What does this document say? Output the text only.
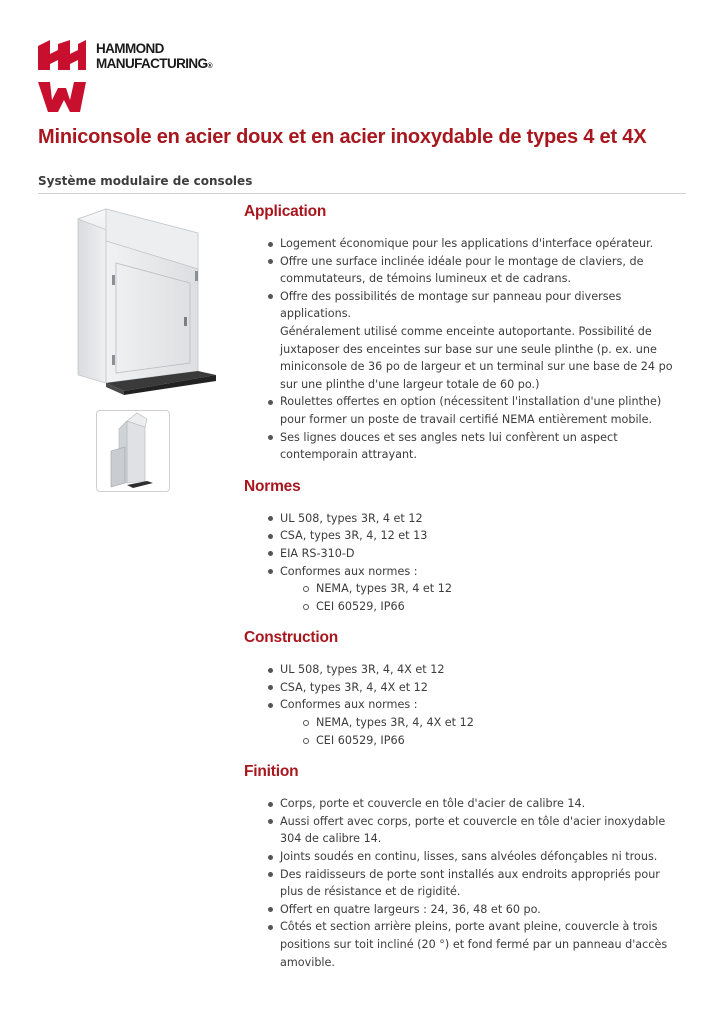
HAMMOND
MANUFACTURING®
Miniconsole en acier doux et en acier inoxydable de types 4 et 4X

Système modulaire de consoles

Application
Logement économique pour les applications d'interface opérateur.
Offre une surface inclinée idéale pour le montage de claviers, de commutateurs, de témoins lumineux et de cadrans.
Offre des possibilités de montage sur panneau pour diverses applications.
Généralement utilisé comme enceinte autoportante. Possibilité de juxtaposer des enceintes sur base sur une seule plinthe (p. ex. une miniconsole de 36 po de largeur et un terminal sur une base de 24 po sur une plinthe d'une largeur totale de 60 po.)
Roulettes offertes en option (nécessitent l'installation d'une plinthe) pour former un poste de travail certifié NEMA entièrement mobile.
Ses lignes douces et ses angles nets lui confèrent un aspect contemporain attrayant.
Normes
UL 508, types 3R, 4 et 12
CSA, types 3R, 4, 12 et 13
EIA RS-310-D
Conformes aux normes :
NEMA, types 3R, 4 et 12
CEI 60529, IP66
Construction
UL 508, types 3R, 4, 4X et 12
CSA, types 3R, 4, 4X et 12
Conformes aux normes :
NEMA, types 3R, 4, 4X et 12
CEI 60529, IP66
Finition
Corps, porte et couvercle en tôle d'acier de calibre 14.
Aussi offert avec corps, porte et couvercle en tôle d'acier inoxydable 304 de calibre 14.
Joints soudés en continu, lisses, sans alvéoles défonçables ni trous.
Des raidisseurs de porte sont installés aux endroits appropriés pour plus de résistance et de rigidité.
Offert en quatre largeurs : 24, 36, 48 et 60 po.
Côtés et section arrière pleins, porte avant pleine, couvercle à trois positions sur toit incliné (20 °) et fond fermé par un panneau d'accès amovible.
